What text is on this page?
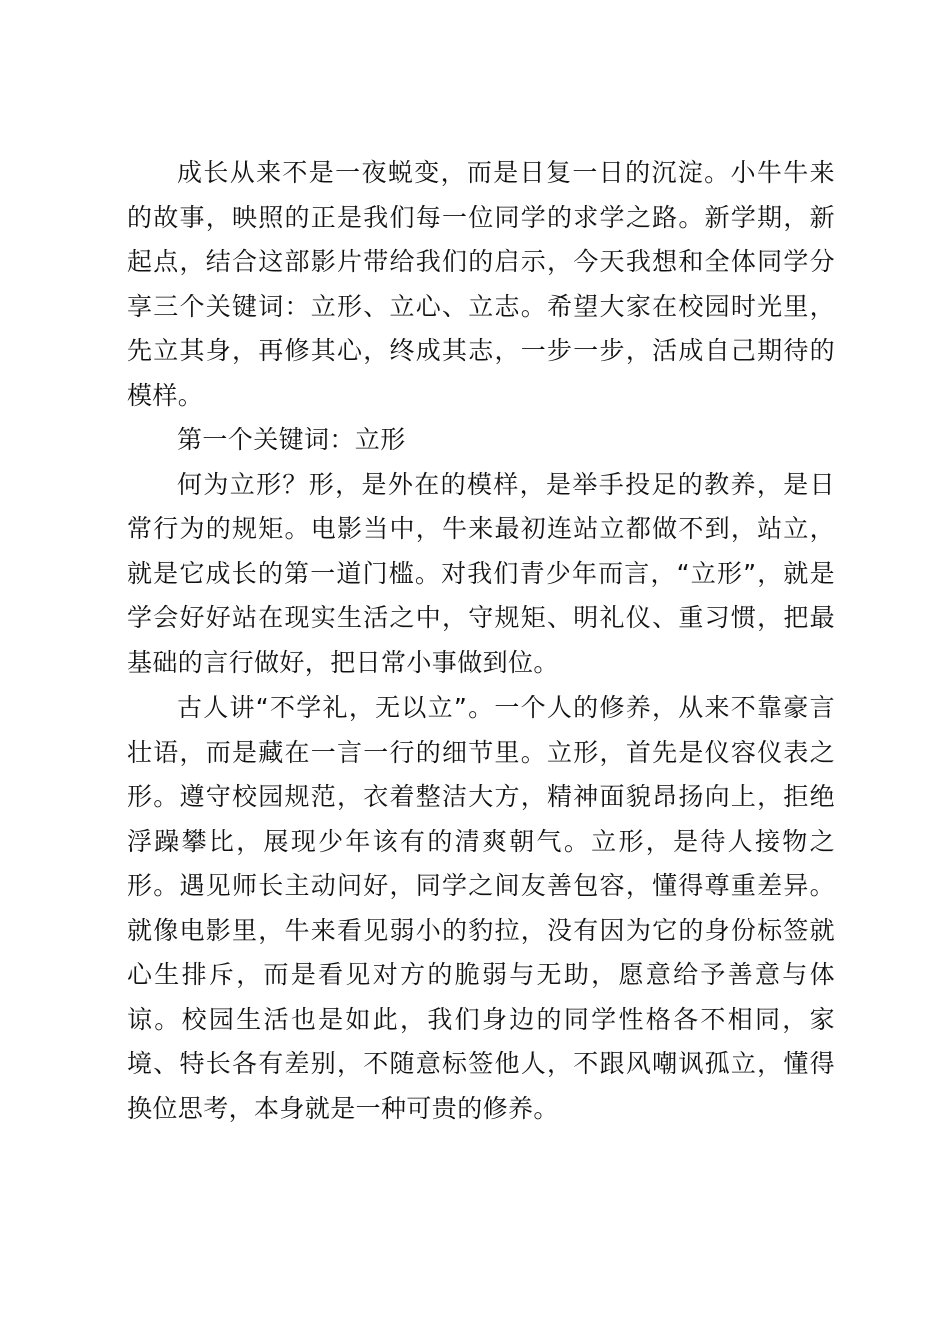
成长从来不是一夜蜕变，而是日复一日的沉淀。小牛牛来的故事，映照的正是我们每一位同学的求学之路。新学期，新起点，结合这部影片带给我们的启示，今天我想和全体同学分享三个关键词：立形、立心、立志。希望大家在校园时光里，先立其身，再修其心，终成其志，一步一步，活成自己期待的模样。

第一个关键词：立形

何为立形？形，是外在的模样，是举手投足的教养，是日常行为的规矩。电影当中，牛来最初连站立都做不到，站立，就是它成长的第一道门槛。对我们青少年而言，“立形”，就是学会好好站在现实生活之中，守规矩、明礼仪、重习惯，把最基础的言行做好，把日常小事做到位。

古人讲“不学礼，无以立”。一个人的修养，从来不靠豪言壮语，而是藏在一言一行的细节里。立形，首先是仪容仪表之形。遵守校园规范，衣着整洁大方，精神面貌昂扬向上，拒绝浮躁攀比，展现少年该有的清爽朝气。立形，是待人接物之形。遇见师长主动问好，同学之间友善包容，懂得尊重差异。就像电影里，牛来看见弱小的豹拉，没有因为它的身份标签就心生排斥，而是看见对方的脆弱与无助，愿意给予善意与体谅。校园生活也是如此，我们身边的同学性格各不相同，家境、特长各有差别，不随意标签他人，不跟风嘲讽孤立，懂得换位思考，本身就是一种可贵的修养。
